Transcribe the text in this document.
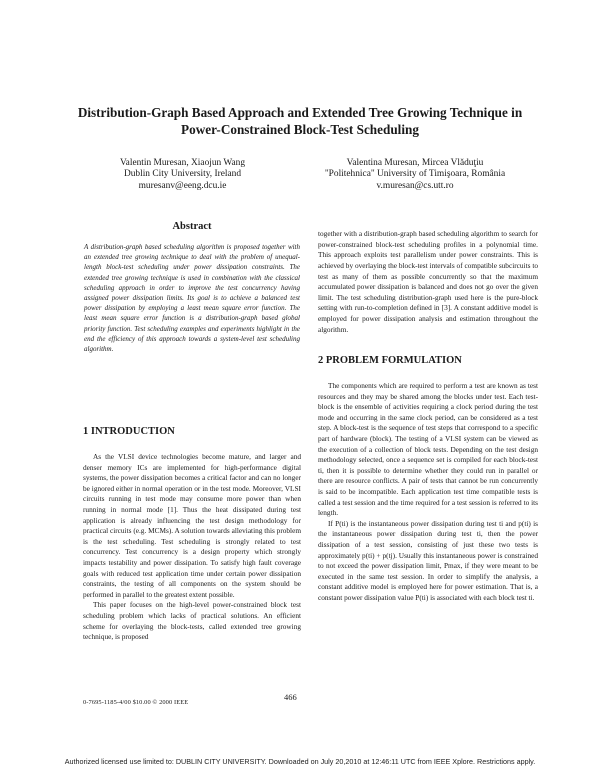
Distribution-Graph Based Approach and Extended Tree Growing Technique in
Power-Constrained Block-Test Scheduling
Valentin Muresan, Xiaojun Wang
Dublin City University, Ireland
muresanv@eeng.dcu.ie
Valentina Muresan, Mircea Vlăduţiu
"Politehnica" University of Timişoara, România
v.muresan@cs.utt.ro
Abstract

A distribution-graph based scheduling algorithm is proposed together with an extended tree growing technique to deal with the problem of unequal-length block-test scheduling under power dissipation constraints. The extended tree growing technique is used in combination with the classical scheduling approach in order to improve the test concurrency having assigned power dissipation limits. Its goal is to achieve a balanced test power dissipation by employing a least mean square error function. The least mean square error function is a distribution-graph based global priority function. Test scheduling examples and experiments highlight in the end the efficiency of this approach towards a system-level test scheduling algorithm.

1 INTRODUCTION

As the VLSI device technologies become mature, and larger and denser memory ICs are implemented for high-performance digital systems, the power dissipation becomes a critical factor and can no longer be ignored either in normal operation or in the test mode. Moreover, VLSI circuits running in test mode may consume more power than when running in normal mode [1]. Thus the heat dissipated during test application is already influencing the test design methodology for practical circuits (e.g. MCMs). A solution towards alleviating this problem is the test scheduling. Test scheduling is strongly related to test concurrency. Test concurrency is a design property which strongly impacts testability and power dissipation. To satisfy high fault coverage goals with reduced test application time under certain power dissipation constraints, the testing of all components on the system should be performed in parallel to the greatest extent possible.

This paper focuses on the high-level power-constrained block test scheduling problem which lacks of practical solutions. An efficient scheme for overlaying the block-tests, called extended tree growing technique, is proposed

together with a distribution-graph based scheduling algorithm to search for power-constrained block-test scheduling profiles in a polynomial time. This approach exploits test parallelism under power constraints. This is achieved by overlaying the block-test intervals of compatible subcircuits to test as many of them as possible concurrently so that the maximum accumulated power dissipation is balanced and does not go over the given limit. The test scheduling distribution-graph used here is the pure-block setting with run-to-completion defined in [3]. A constant additive model is employed for power dissipation analysis and estimation throughout the algorithm.

2 PROBLEM FORMULATION

The components which are required to perform a test are known as test resources and they may be shared among the blocks under test. Each test-block is the ensemble of activities requiring a clock period during the test mode and occurring in the same clock period, can be considered as a test step. A block-test is the sequence of test steps that correspond to a specific part of hardware (block). The testing of a VLSI system can be viewed as the execution of a collection of block tests. Depending on the test design methodology selected, once a sequence set is compiled for each block-test ti, then it is possible to determine whether they could run in parallel or there are resource conflicts. A pair of tests that cannot be run concurrently is said to be incompatible. Each application test time compatible tests is called a test session and the time required for a test session is referred to its length.

If P(ti) is the instantaneous power dissipation during test ti and p(ti) is the instantaneous power dissipation during test ti, then the power dissipation of a test session, consisting of just these two tests is approximately p(ti) + p(tj). Usually this instantaneous power is constrained to not exceed the power dissipation limit, Pmax, if they were meant to be executed in the same test session. In order to simplify the analysis, a constant additive model is employed here for power estimation. That is, a constant power dissipation value P(ti) is associated with each block test ti.

466
0-7695-1185-4/00 $10.00 © 2000 IEEE
Authorized licensed use limited to: DUBLIN CITY UNIVERSITY. Downloaded on July 20,2010 at 12:46:11 UTC from IEEE Xplore. Restrictions apply.
